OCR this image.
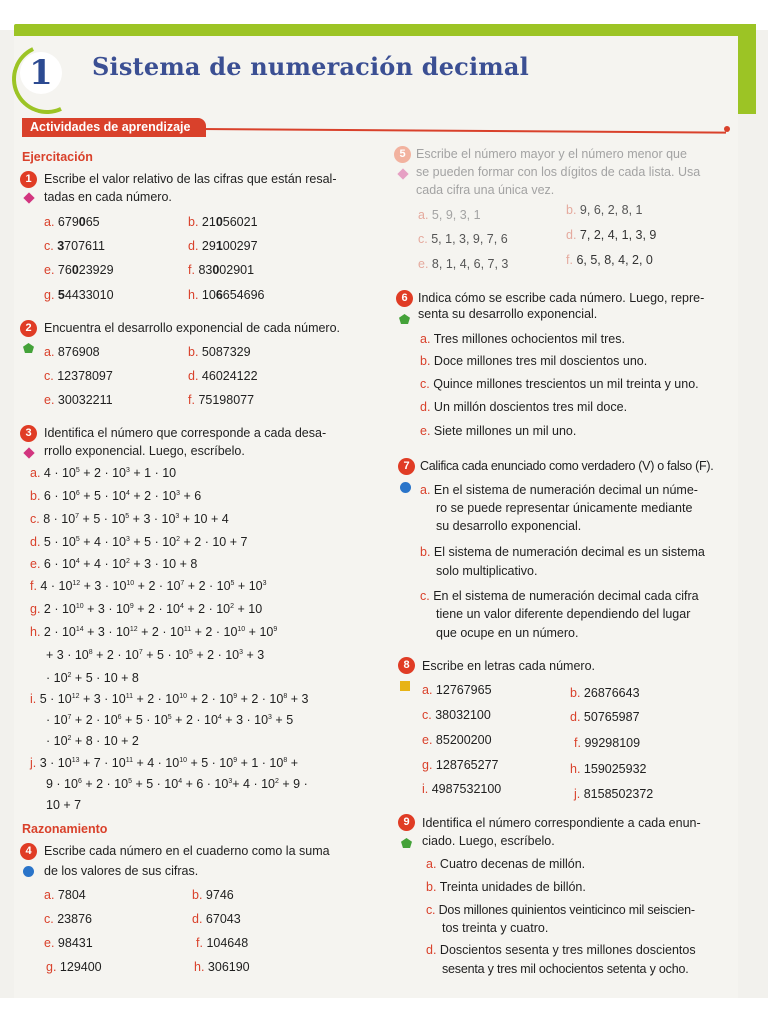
1	Sistema de numeración decimal
Actividades de aprendizaje
Ejercitación
1 Escribe el valor relativo de las cifras que están resal-
tadas en cada número.
a. 679065	b. 21056021
c. 3707611	d. 29100297
e. 76023929	f. 83002901
g. 54433010	h. 106654696
2 Encuentra el desarrollo exponencial de cada número.
a. 876908	b. 5087329
c. 12378097	d. 46024122
e. 30032211	f. 75198077
3 Identifica el número que corresponde a cada desa-
rrollo exponencial. Luego, escríbelo.
a. $4 \cdot 10^5 + 2 \cdot 10^3 + 1 \cdot 10$
b. $6 \cdot 10^6 + 5 \cdot 10^4 + 2 \cdot 10^3 + 6$
c. $8 \cdot 10^7 + 5 \cdot 10^5 + 3 \cdot 10^3 + 10 + 4$
d. $5 \cdot 10^5 + 4 \cdot 10^3 + 5 \cdot 10^2 + 2 \cdot 10 + 7$
e. $6 \cdot 10^4 + 4 \cdot 10^2 + 3 \cdot 10 + 8$
f. $4 \cdot 10^{12} + 3 \cdot 10^{10} + 2 \cdot 10^7 + 2 \cdot 10^5 + 10^3$
g. $2 \cdot 10^{10} + 3 \cdot 10^9 + 2 \cdot 10^4 + 2 \cdot 10^2 + 10$
h. $2 \cdot 10^{14} + 3 \cdot 10^{12} + 2 \cdot 10^{11} + 2 \cdot 10^{10} + 10^9$
+ $3 \cdot 10^8 + 2 \cdot 10^7 + 5 \cdot 10^5 + 2 \cdot 10^3 + 3$
· $10^2 + 5 \cdot 10 + 8$
i. $5 \cdot 10^{12} + 3 \cdot 10^{11} + 2 \cdot 10^{10} + 2 \cdot 10^9 + 2 \cdot 10^8 + 3$
· $10^7 + 2 \cdot 10^6 + 5 \cdot 10^5 + 2 \cdot 10^4 + 3 \cdot 10^3 + 5$
· $10^2 + 8 \cdot 10 + 2$
j. $3 \cdot 10^{13} + 7 \cdot 10^{11} + 4 \cdot 10^{10} + 5 \cdot 10^9 + 1 \cdot 10^8$ +
$9 \cdot 10^6 + 2 \cdot 10^5 + 5 \cdot 10^4 + 6 \cdot 10^3+ 4 \cdot 10^2 + 9$ ·
10 + 7
Razonamiento
4 Escribe cada número en el cuaderno como la suma
de los valores de sus cifras.
a. 7804	b. 9746
c. 23876	d. 67043
e. 98431	f. 104648
g. 129400	h. 306190
5 Escribe el número mayor y el número menor que
se pueden formar con los dígitos de cada lista. Usa
cada cifra una única vez.
a. 5, 9, 3, 1	b. 9, 6, 2, 8, 1
c. 5, 1, 3, 9, 7, 6	d. 7, 2, 4, 1, 3, 9
e. 8, 1, 4, 6, 7, 3	f. 6, 5, 8, 4, 2, 0
6 Indica cómo se escribe cada número. Luego, repre-
senta su desarrollo exponencial.
a. Tres millones ochocientos mil tres.
b. Doce millones tres mil doscientos uno.
c. Quince millones trescientos un mil treinta y uno.
d. Un millón doscientos tres mil doce.
e. Siete millones un mil uno.
7 Califica cada enunciado como verdadero (V) o falso (F).
a. En el sistema de numeración decimal un núme-
ro se puede representar únicamente mediante
su desarrollo exponencial.
b. El sistema de numeración decimal es un sistema
solo multiplicativo.
c. En el sistema de numeración decimal cada cifra
tiene un valor diferente dependiendo del lugar
que ocupe en un número.
8 Escribe en letras cada número.
a. 12767965	b. 26876643
c. 38032100	d. 50765987
e. 85200200	f. 99298109
g. 128765277	h. 159025932
i. 4987532100	j. 8158502372
9 Identifica el número correspondiente a cada enun-
ciado. Luego, escríbelo.
a. Cuatro decenas de millón.
b. Treinta unidades de billón.
c. Dos millones quinientos veinticinco mil seiscien-
tos treinta y cuatro.
d. Doscientos sesenta y tres millones doscientos
sesenta y tres mil ochocientos setenta y ocho.
